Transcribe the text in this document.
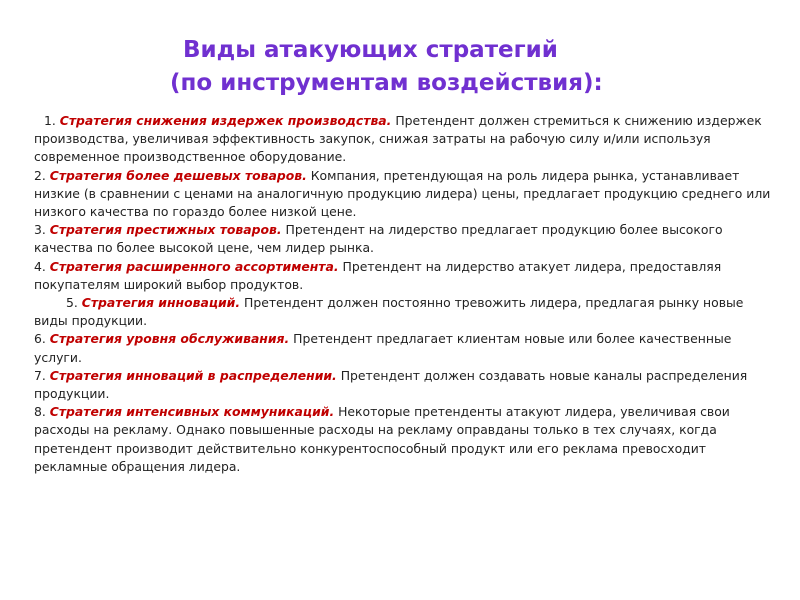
Виды атакующих стратегий
(по инструментам воздействия):

1. Стратегия снижения издержек производства. Претендент должен стремиться к снижению издержек производства, увеличивая эффективность закупок, снижая затраты на рабочую силу и/или используя современное производственное оборудование.

2. Стратегия более дешевых товаров. Компания, претендующая на роль лидера рынка, устанавливает низкие (в сравнении с ценами на аналогичную продукцию лидера) цены, предлагает продукцию среднего или низкого качества по гораздо более низкой цене.

3. Стратегия престижных товаров. Претендент на лидерство предлагает продукцию более высокого качества по более высокой цене, чем лидер рынка.

4. Стратегия расширенного ассортимента. Претендент на лидерство атакует лидера, предоставляя покупателям широкий выбор продуктов.

5. Стратегия инноваций. Претендент должен постоянно тревожить лидера, предлагая рынку новые виды продукции.

6. Стратегия уровня обслуживания. Претендент предлагает клиентам новые или более качественные услуги.

7. Стратегия инноваций в распределении. Претендент должен создавать новые каналы распределения продукции.

8. Стратегия интенсивных коммуникаций. Некоторые претенденты атакуют лидера, увеличивая свои расходы на рекламу. Однако повышенные расходы на рекламу оправданы только в тех случаях, когда претендент производит действительно конкурентоспособный продукт или его реклама превосходит рекламные обращения лидера.
